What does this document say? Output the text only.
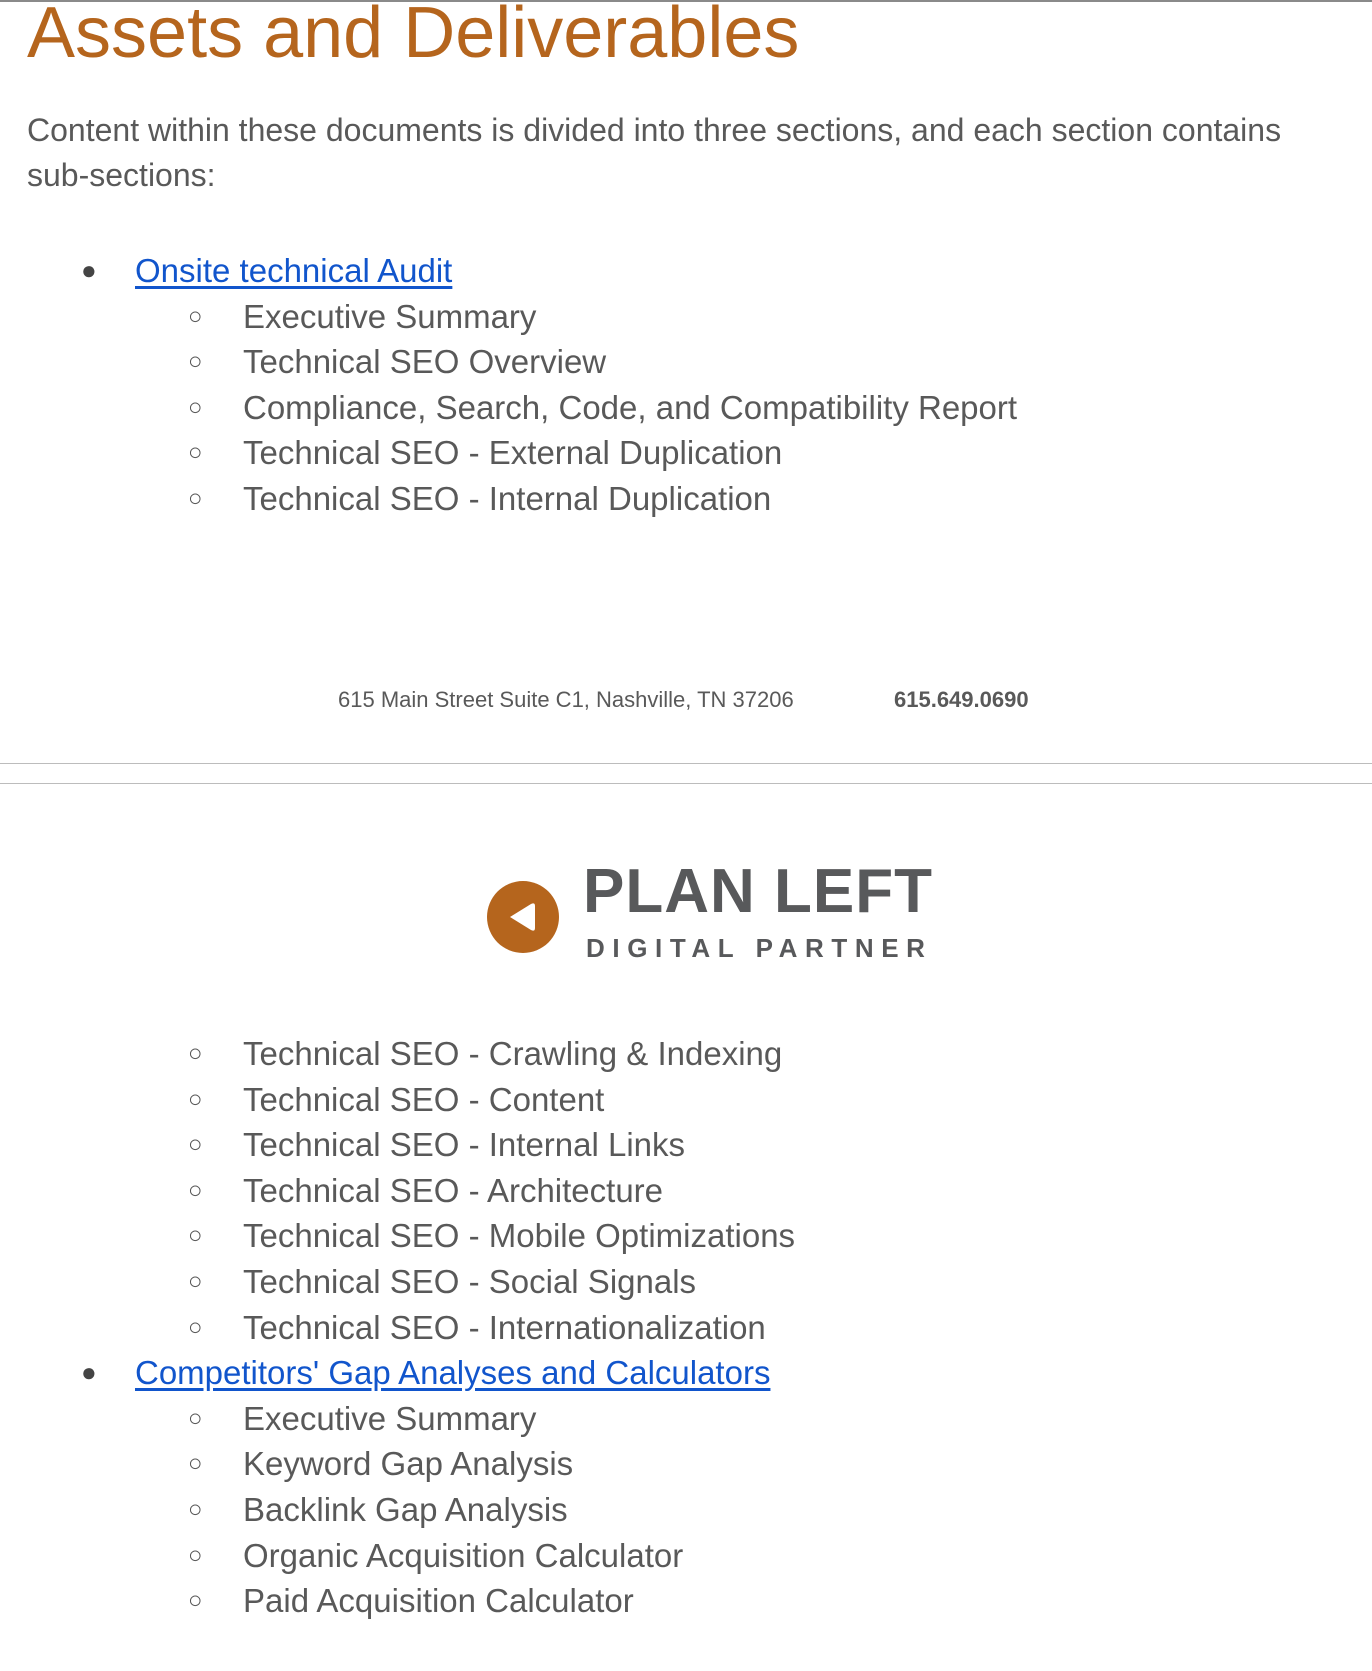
Assets and Deliverables

Content within these documents is divided into three sections, and each section contains sub-sections:

● Onsite technical Audit
○ Executive Summary
○ Technical SEO Overview
○ Compliance, Search, Code, and Compatibility Report
○ Technical SEO - External Duplication
○ Technical SEO - Internal Duplication
615 Main Street Suite C1, Nashville, TN 37206	615.649.0690
PLAN LEFT
DIGITAL PARTNER
○ Technical SEO - Crawling & Indexing
○ Technical SEO - Content
○ Technical SEO - Internal Links
○ Technical SEO - Architecture
○ Technical SEO - Mobile Optimizations
○ Technical SEO - Social Signals
○ Technical SEO - Internationalization
● Competitors' Gap Analyses and Calculators
○ Executive Summary
○ Keyword Gap Analysis
○ Backlink Gap Analysis
○ Organic Acquisition Calculator
○ Paid Acquisition Calculator
